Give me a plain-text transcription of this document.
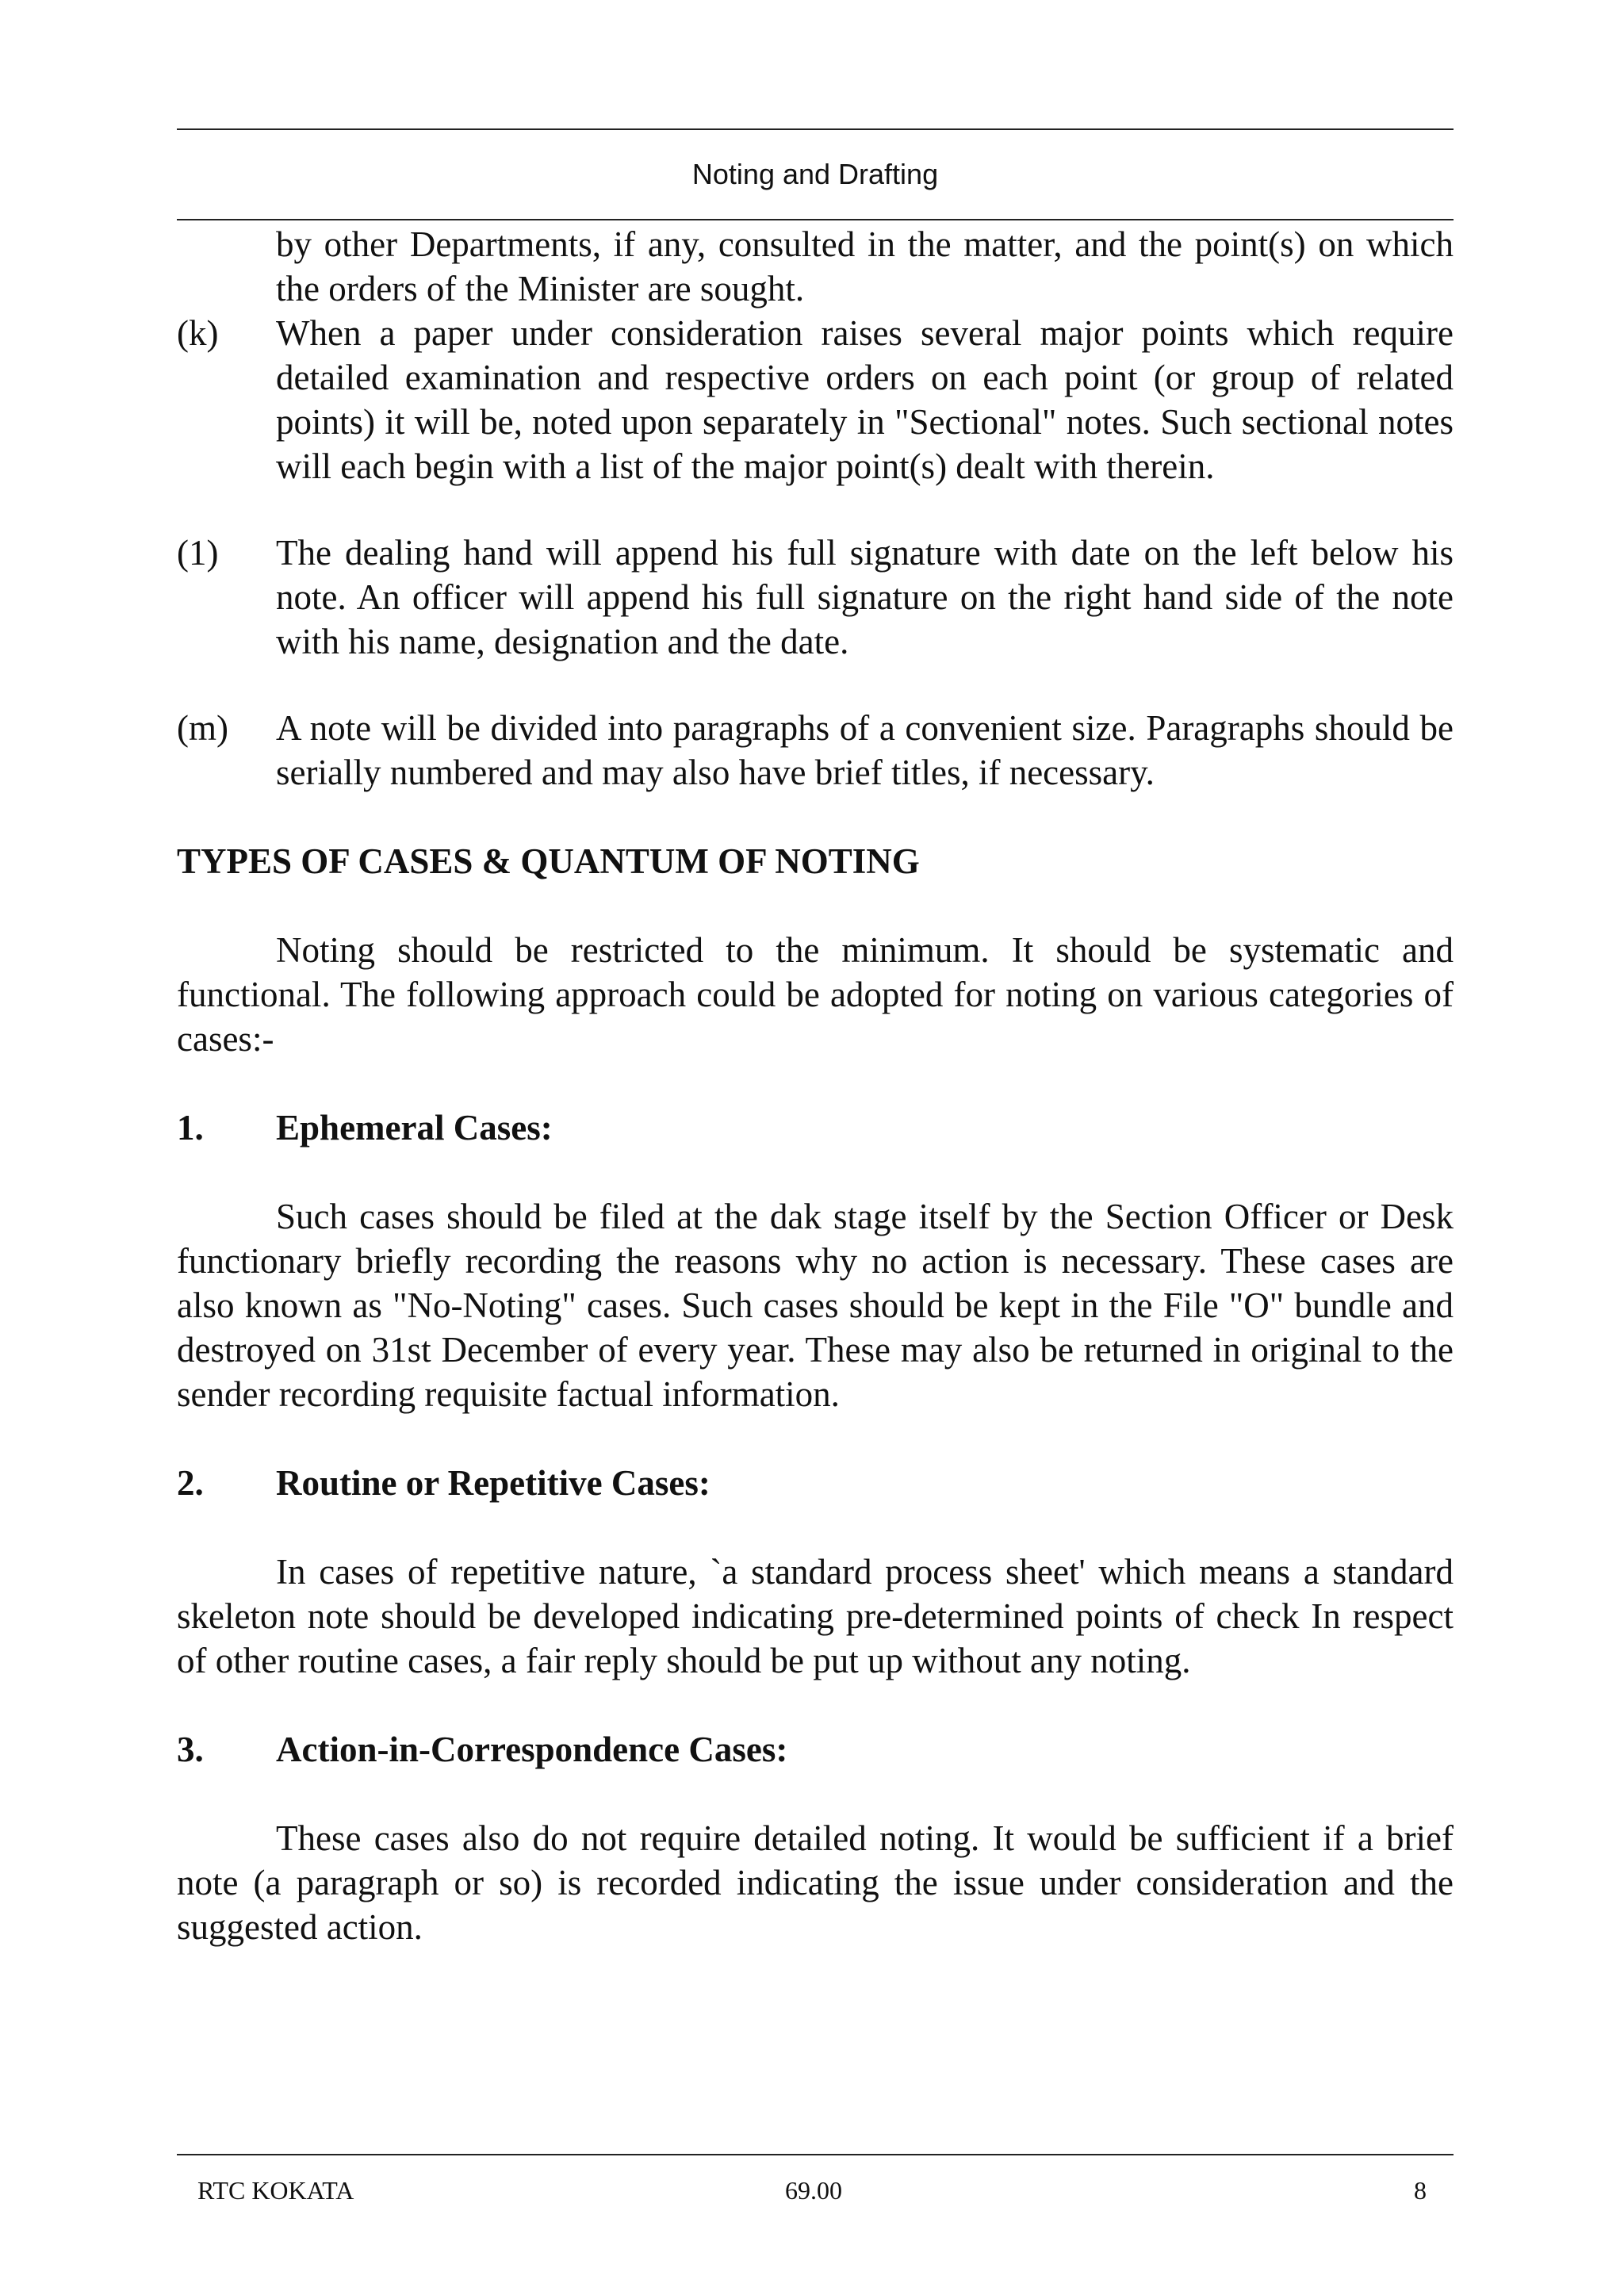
Noting and Drafting

by other Departments, if any, consulted in the matter, and the point(s) on which the orders of the Minister are sought.

(k)	When a paper under consideration raises several major points which require detailed examination and respective orders on each point (or group of related points) it will be, noted upon separately in "Sectional" notes. Such sectional notes will each begin with a list of the major point(s) dealt with therein.
(1)	The dealing hand will append his full signature with date on the left below his note. An officer will append his full signature on the right hand side of the note with his name, designation and the date.
(m)	A note will be divided into paragraphs of a convenient size. Paragraphs should be serially numbered and may also have brief titles, if necessary.

TYPES OF CASES & QUANTUM OF NOTING

Noting should be restricted to the minimum. It should be systematic and functional. The following approach could be adopted for noting on various categories of cases:-

1.	Ephemeral Cases:

Such cases should be filed at the dak stage itself by the Section Officer or Desk functionary briefly recording the reasons why no action is necessary. These cases are also known as "No-Noting" cases. Such cases should be kept in the File "O" bundle and destroyed on 31st December of every year. These may also be returned in original to the sender recording requisite factual information.

2.	Routine or Repetitive Cases:

In cases of repetitive nature, `a standard process sheet' which means a standard skeleton note should be developed indicating pre-determined points of check In respect of other routine cases, a fair reply should be put up without any noting.

3.	Action-in-Correspondence Cases:

These cases also do not require detailed noting. It would be sufficient if a brief note (a paragraph or so) is recorded indicating the issue under consideration and the suggested action.

RTC KOKATA	69.00	8
